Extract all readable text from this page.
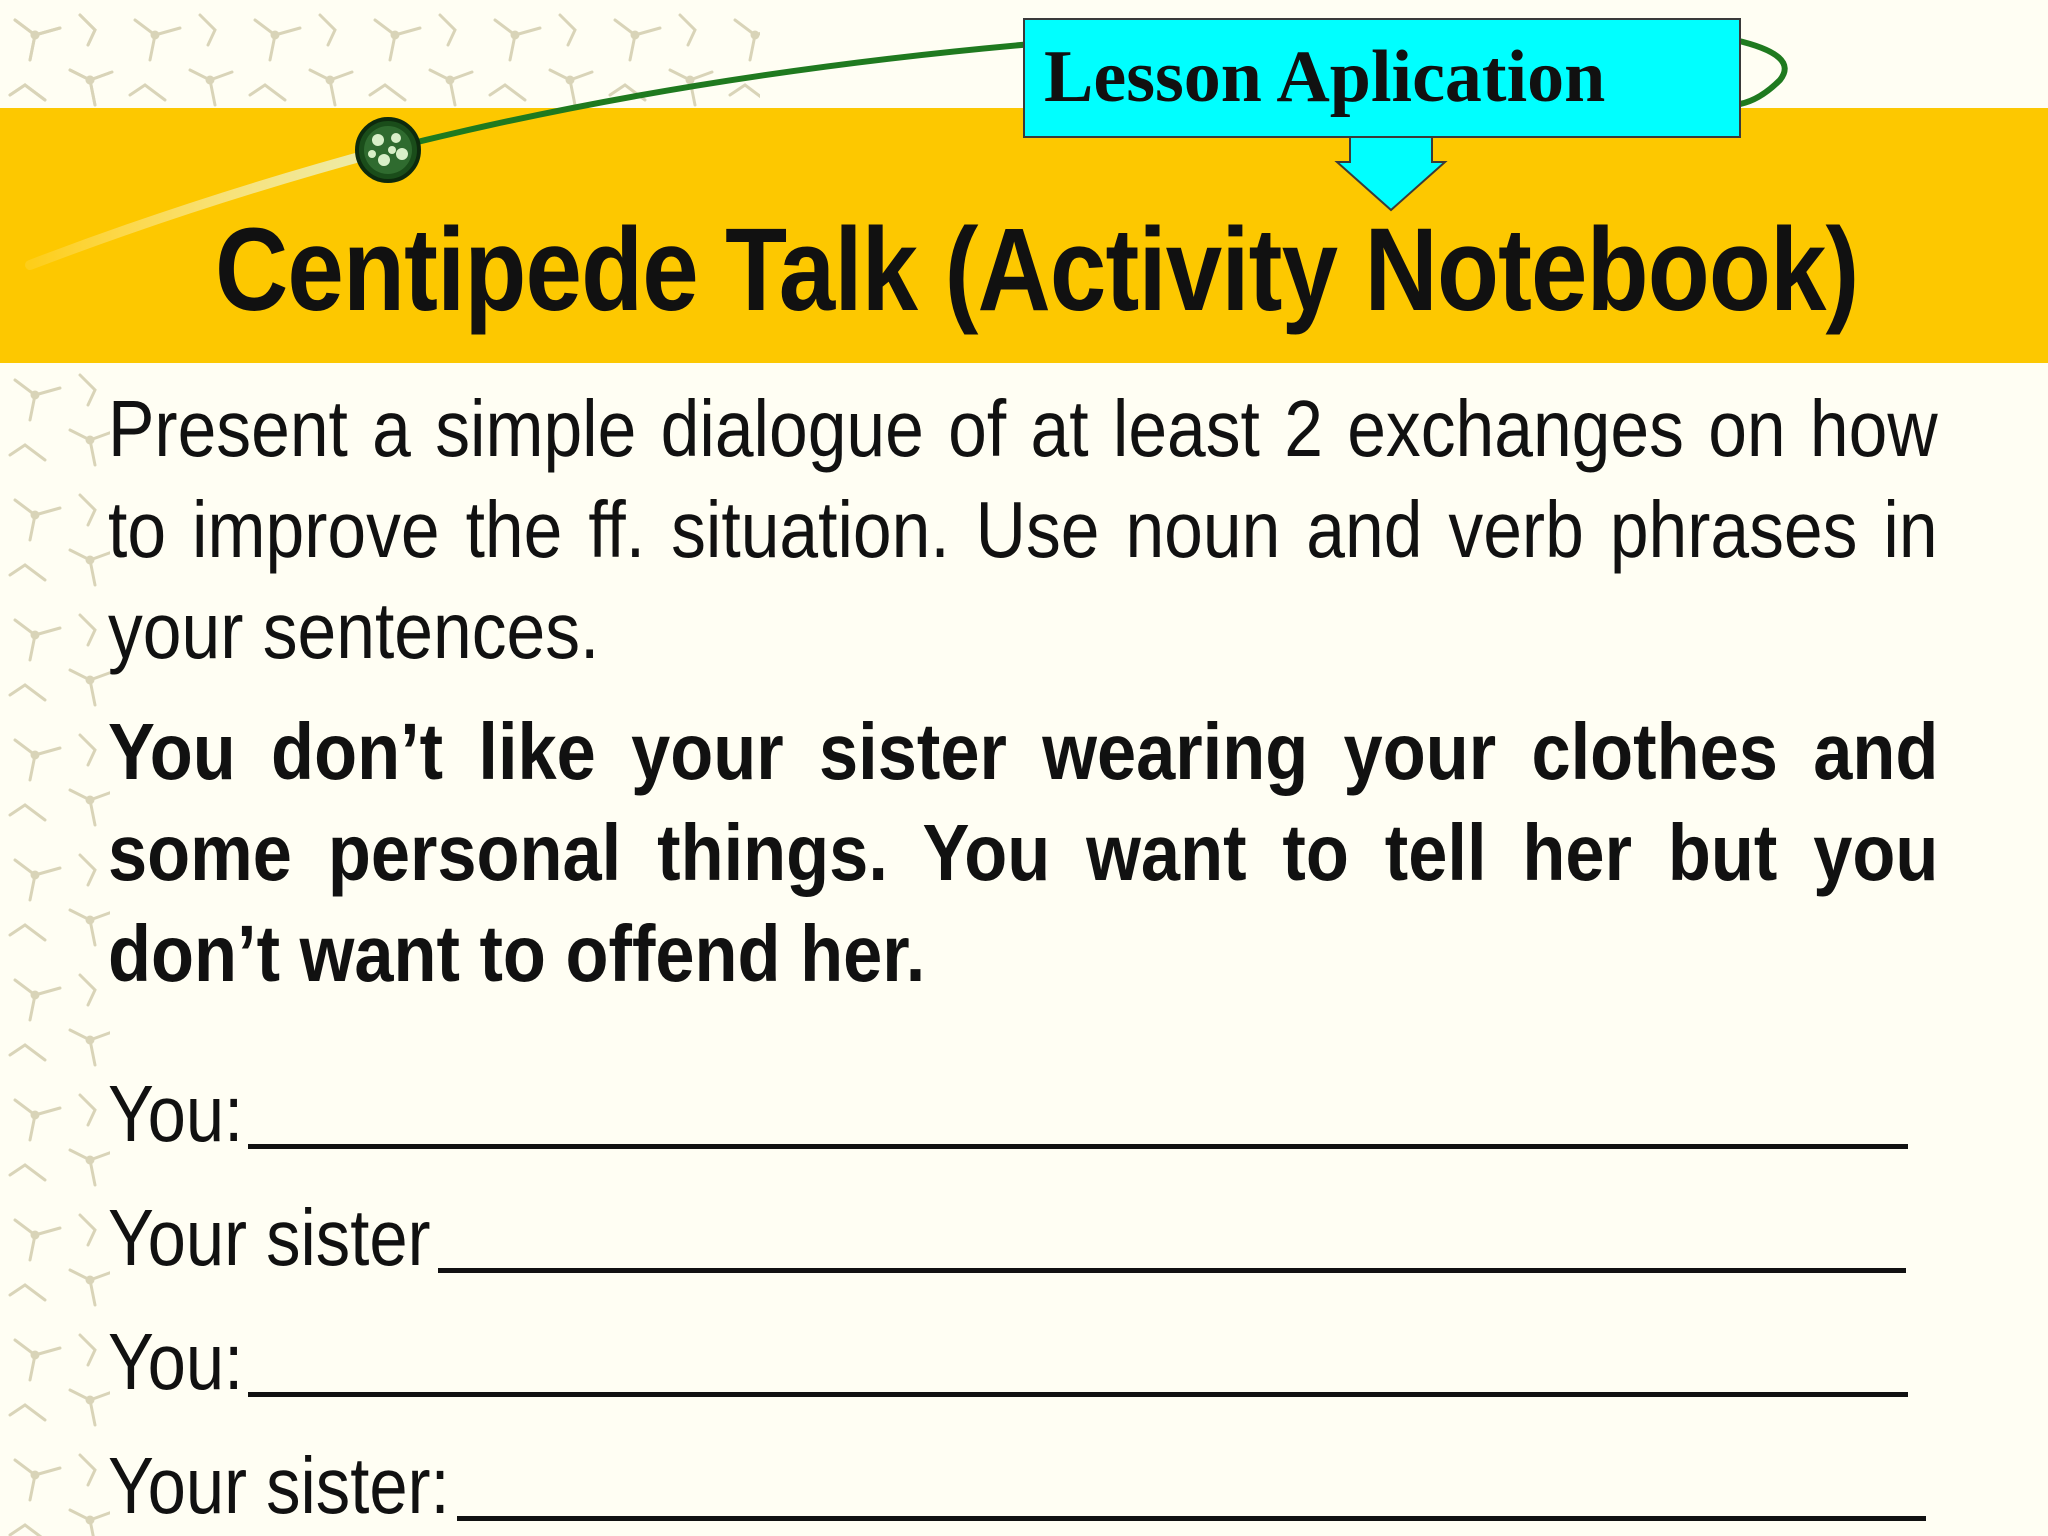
Lesson Aplication
Centipede Talk (Activity Notebook)

Present a simple dialogue of at least 2 exchanges on how to improve the ff. situation. Use noun and verb phrases in your sentences.

You don’t like your sister wearing your clothes and some personal things. You want to tell her but you don’t want to offend her.

You:
Your sister
You:
Your sister:
